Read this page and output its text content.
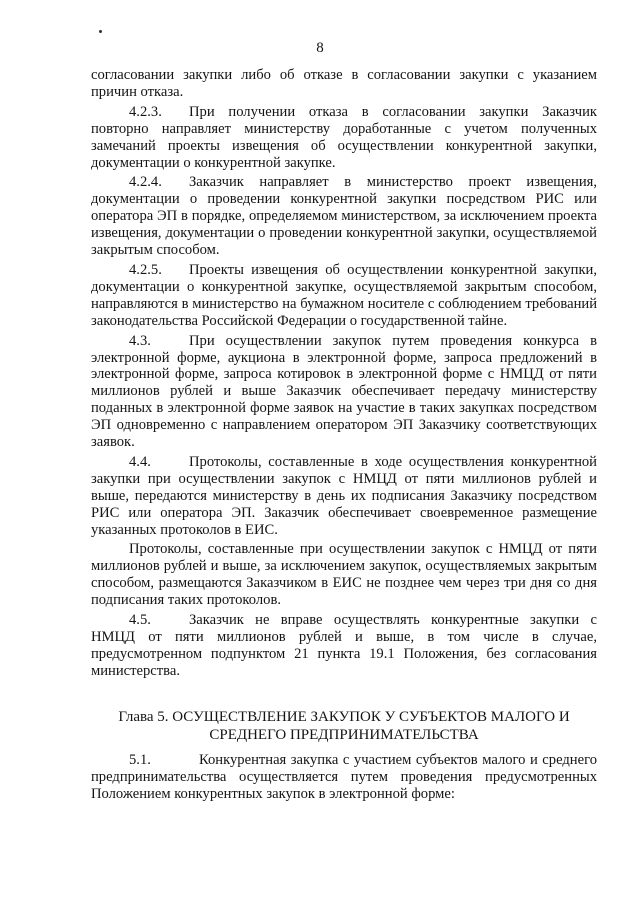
8

согласовании закупки либо об отказе в согласовании закупки с указанием причин отказа.

4.2.3. При получении отказа в согласовании закупки Заказчик повторно направляет министерству доработанные с учетом полученных замечаний проекты извещения об осуществлении конкурентной закупки, документации о конкурентной закупке.

4.2.4. Заказчик направляет в министерство проект извещения, документации о проведении конкурентной закупки посредством РИС или оператора ЭП в порядке, определяемом министерством, за исключением проекта извещения, документации о проведении конкурентной закупки, осуществляемой закрытым способом.

4.2.5. Проекты извещения об осуществлении конкурентной закупки, документации о конкурентной закупке, осуществляемой закрытым способом, направляются в министерство на бумажном носителе с соблюдением требований законодательства Российской Федерации о государственной тайне.

4.3.	При осуществлении закупок путем проведения конкурса в электронной форме, аукциона в электронной форме, запроса предложений в электронной форме, запроса котировок в электронной форме с НМЦД от пяти миллионов рублей и выше Заказчик обеспечивает передачу министерству поданных в электронной форме заявок на участие в таких закупках посредством ЭП одновременно с направлением оператором ЭП Заказчику соответствующих заявок.

4.4.	Протоколы, составленные в ходе осуществления конкурентной закупки при осуществлении закупок с НМЦД от пяти миллионов рублей и выше, передаются министерству в день их подписания Заказчику посредством РИС или оператора ЭП. Заказчик обеспечивает своевременное размещение указанных протоколов в ЕИС.

Протоколы, составленные при осуществлении закупок с НМЦД от пяти миллионов рублей и выше, за исключением закупок, осуществляемых закрытым способом, размещаются Заказчиком в ЕИС не позднее чем через три дня со дня подписания таких протоколов.

4.5.	Заказчик не вправе осуществлять конкурентные закупки с НМЦД от пяти миллионов рублей и выше, в том числе в случае, предусмотренном подпунктом 21 пункта 19.1 Положения, без согласования министерства.

Глава 5. ОСУЩЕСТВЛЕНИЕ ЗАКУПОК У СУБЪЕКТОВ МАЛОГО И
СРЕДНЕГО ПРЕДПРИНИМАТЕЛЬСТВА

5.1.	Конкурентная закупка с участием субъектов малого и среднего предпринимательства осуществляется путем проведения предусмотренных Положением конкурентных закупок в электронной форме:
